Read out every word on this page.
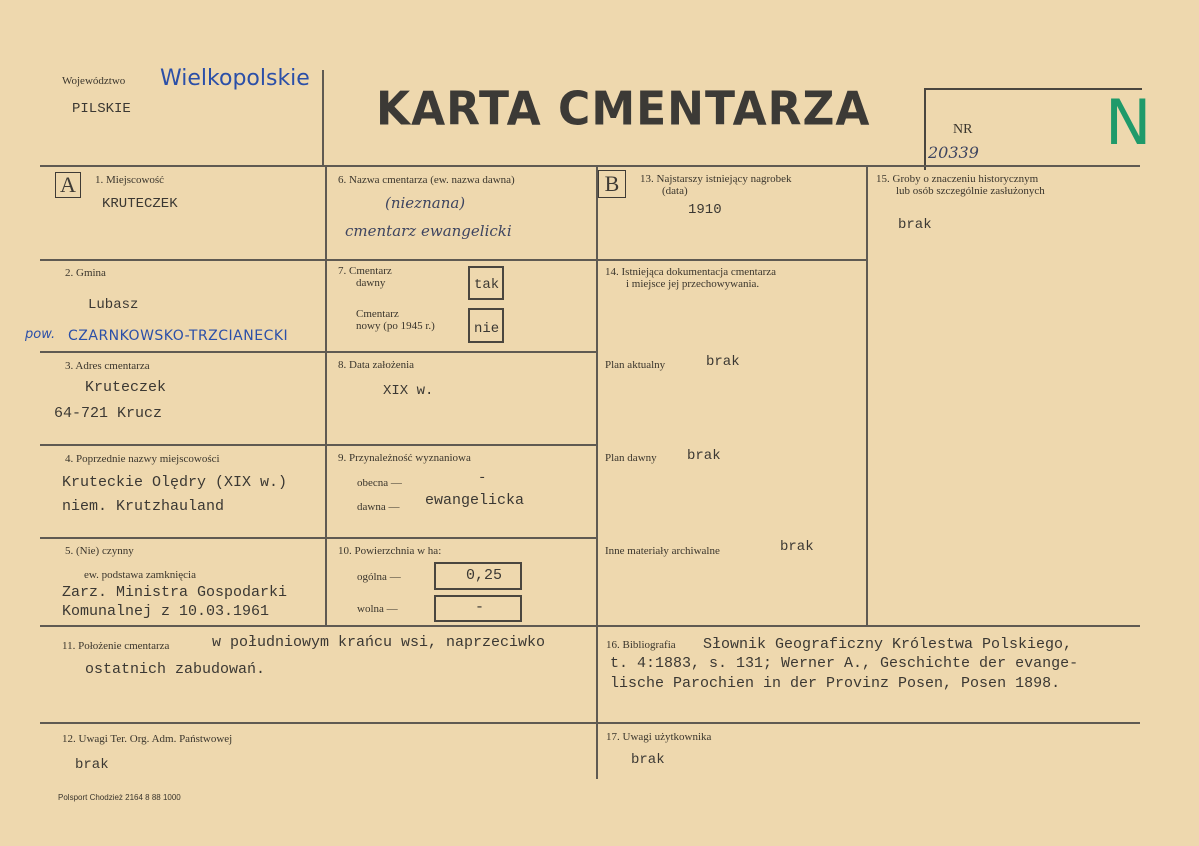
Województwo Wielkopolskie
PILSKIE	KARTA CMENTARZA	NR
20339 N
A	1. Miejscowość
KRUTECZEK
2. Gmina
Lubasz
pow. CZARNKOWSKO-TRZCIANECKI
3. Adres cmentarza
Kruteczek
64-721 Krucz
4. Poprzednie nazwy miejscowości
Kruteckie Olędry (XIX w.)
niem. Krutzhauland
5. (Nie) czynny
ew. podstawa zamknięcia
Zarz. Ministra Gospodarki
Komunalnej z 10.03.1961
6. Nazwa cmentarza (ew. nazwa dawna)
(nieznana)
cmentarz ewangelicki
7. Cmentarz
dawny	tak
Cmentarz
nowy (po 1945 r.)	nie
8. Data założenia
XIX w.
9. Przynależność wyznaniowa
obecna —	-
dawna — ewangelicka
10. Powierzchnia w ha:
ogólna —	0,25
wolna —	-
B	13. Najstarszy istniejący nagrobek
(data)
1910
14. Istniejąca dokumentacja cmentarza
i miejsce jej przechowywania.
Plan aktualny	brak
Plan dawny brak
Inne materiały archiwalne	brak
15. Groby o znaczeniu historycznym
lub osób szczególnie zasłużonych
brak
11. Położenie cmentarza	w południowym krańcu wsi, naprzeciwko
ostatnich zabudowań.
16. Bibliografia Słownik Geograficzny Królestwa Polskiego,
t. 4:1883, s. 131; Werner A., Geschichte der evange-
lische Parochien in der Provinz Posen, Posen 1898.
12. Uwagi Ter. Org. Adm. Państwowej
brak
17. Uwagi użytkownika
brak
Polsport Chodzież 2164 8 88 1000
